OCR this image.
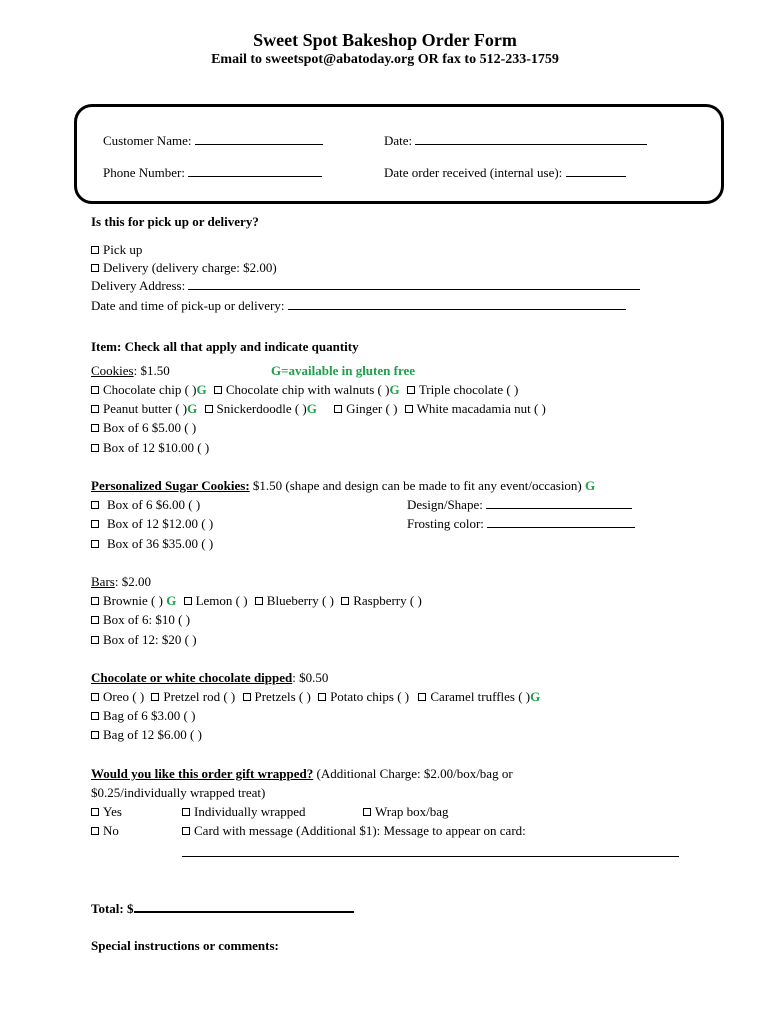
Sweet Spot Bakeshop Order Form
Email to sweetspot@abatoday.org OR fax to 512-233-1759
Customer Name:	Date:
Phone Number:	Date order received (internal use):
Is this for pick up or delivery?
Pick up
Delivery (delivery charge: $2.00)
Delivery Address:
Date and time of pick-up or delivery:
Item: Check all that apply and indicate quantity
Cookies: $1.50	G=available in gluten free
Chocolate chip ( )G Chocolate chip with walnuts ( )G Triple chocolate ( )
Peanut butter ( )G Snickerdoodle ( )G Ginger ( ) White macadamia nut ( )
Box of 6 $5.00 ( )
Box of 12 $10.00 ( )
Personalized Sugar Cookies: $1.50 (shape and design can be made to fit any event/occasion) G
Box of 6 $6.00 ( )
Box of 12 $12.00 ( )
Box of 36 $35.00 ( )
Design/Shape:
Frosting color:
Bars: $2.00
Brownie ( ) G Lemon ( ) Blueberry ( ) Raspberry ( )
Box of 6: $10 ( )
Box of 12: $20 ( )
Chocolate or white chocolate dipped: $0.50
Oreo ( ) Pretzel rod ( ) Pretzels ( ) Potato chips ( ) Caramel truffles ( )G
Bag of 6 $3.00 ( )
Bag of 12 $6.00 ( )
Would you like this order gift wrapped? (Additional Charge: $2.00/box/bag or
$0.25/individually wrapped treat)
Yes
No
Individually wrapped	Wrap box/bag
Card with message (Additional $1): Message to appear on card:
Total: $
Special instructions or comments:
